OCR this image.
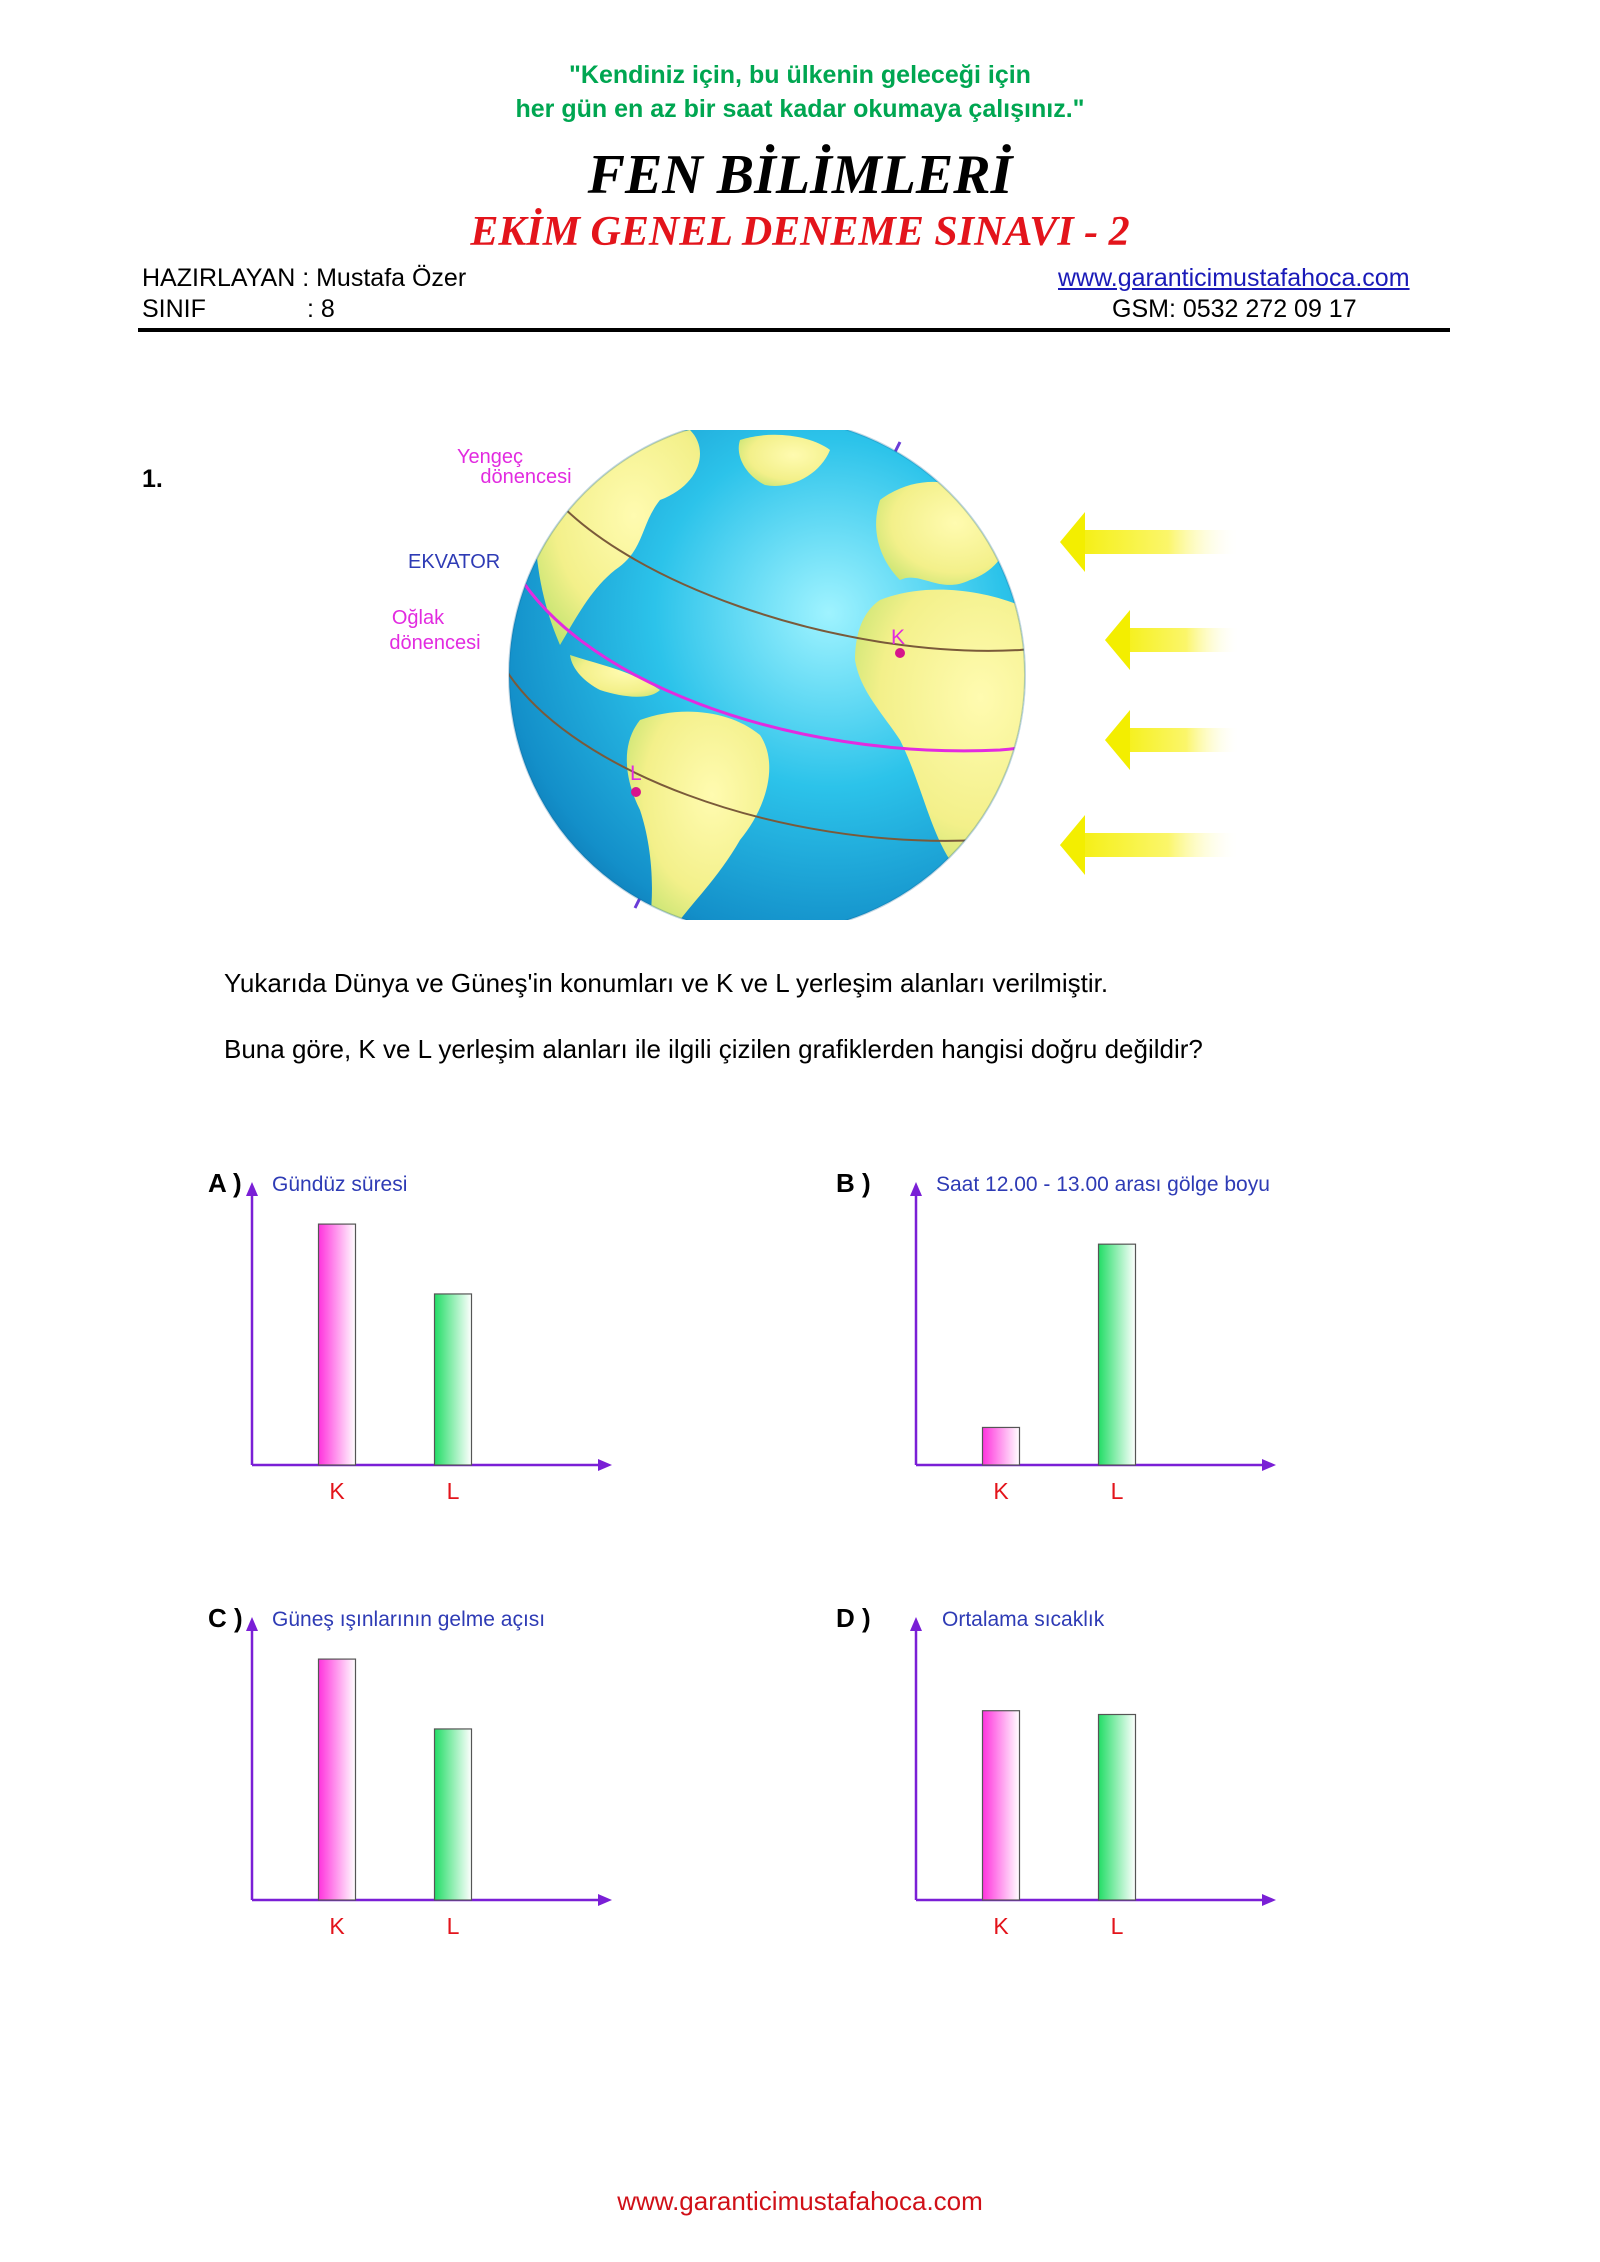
"Kendiniz için, bu ülkenin geleceği için
her gün en az bir saat kadar okumaya çalışınız."
FEN BİLİMLERİ
EKİM GENEL DENEME SINAVI - 2
HAZIRLAYAN : Mustafa Özer
SINIF	: 8
www.garanticimustafahoca.com
GSM: 0532 272 09 17
1.
K
L
Yengeç
dönencesi
EKVATOR
Oğlak
dönencesi
Yukarıda Dünya ve Güneş'in konumları ve K ve L yerleşim alanları verilmiştir.
Buna göre, K ve L yerleşim alanları ile ilgili çizilen grafiklerden hangisi doğru değildir?
A ) Gündüz süresi
K	L
B )	Saat 12.00 - 13.00 arası gölge boyu
K	L
C ) Güneş ışınlarının gelme açısı
K	L
D )	Ortalama sıcaklık
K	L
www.garanticimustafahoca.com
